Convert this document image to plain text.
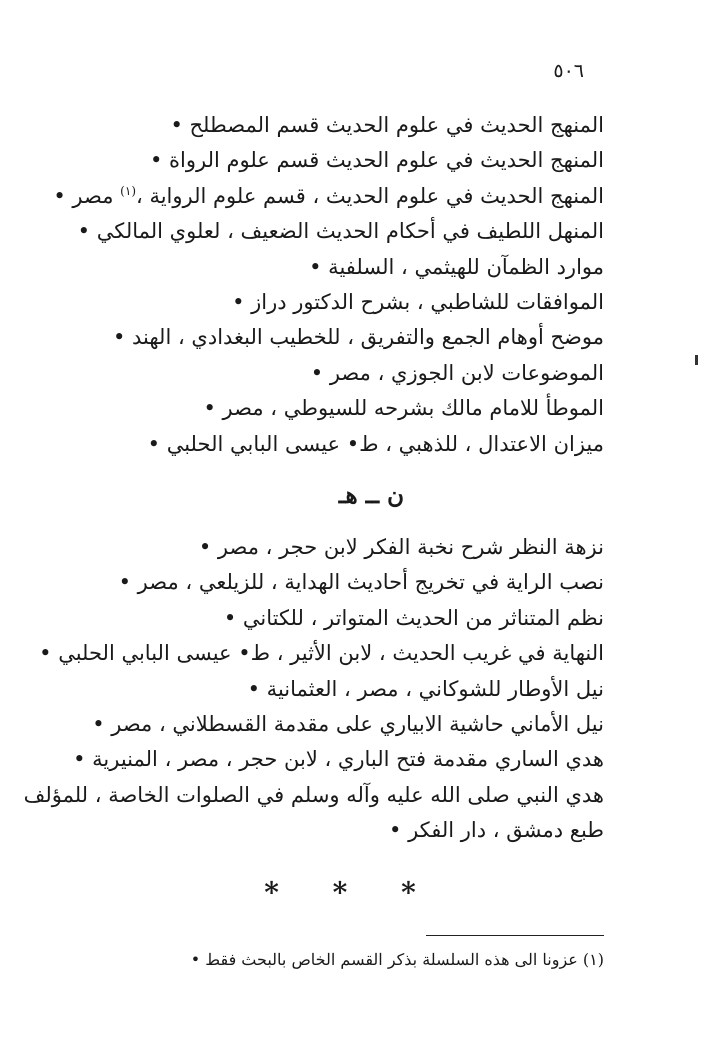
٥٠٦
المنهج الحديث في علوم الحديث قسم المصطلح •
المنهج الحديث في علوم الحديث قسم علوم الرواة •
المنهج الحديث في علوم الحديث ، قسم علوم الرواية ،$^{(١)}$ مصر •
المنهل اللطيف في أحكام الحديث الضعيف ، لعلوي المالكي •
موارد الظمآن للهيثمي ، السلفية •
الموافقات للشاطبي ، بشرح الدكتور دراز •
موضح أوهام الجمع والتفريق ، للخطيب البغدادي ، الهند •
الموضوعات لابن الجوزي ، مصر •
الموطأ للامام مالك بشرحه للسيوطي ، مصر •
ميزان الاعتدال ، للذهبي ، ط• عيسى البابي الحلبي •
ن ــ هـ
نزهة النظر شرح نخبة الفكر لابن حجر ، مصر •
نصب الراية في تخريج أحاديث الهداية ، للزيلعي ، مصر •
نظم المتناثر من الحديث المتواتر ، للكتاني •
النهاية في غريب الحديث ، لابن الأثير ، ط• عيسى البابي الحلبي •
نيل الأوطار للشوكاني ، مصر ، العثمانية •
نيل الأماني حاشية الابياري على مقدمة القسطلاني ، مصر •
هدي الساري مقدمة فتح الباري ، لابن حجر ، مصر ، المنيرية •
هدي النبي صلى الله عليه وآله وسلم في الصلوات الخاصة ، للمؤلف طبع دمشق ، دار الفكر •
* * *
(١) عزونا الى هذه السلسلة بذكر القسم الخاص بالبحث فقط •
